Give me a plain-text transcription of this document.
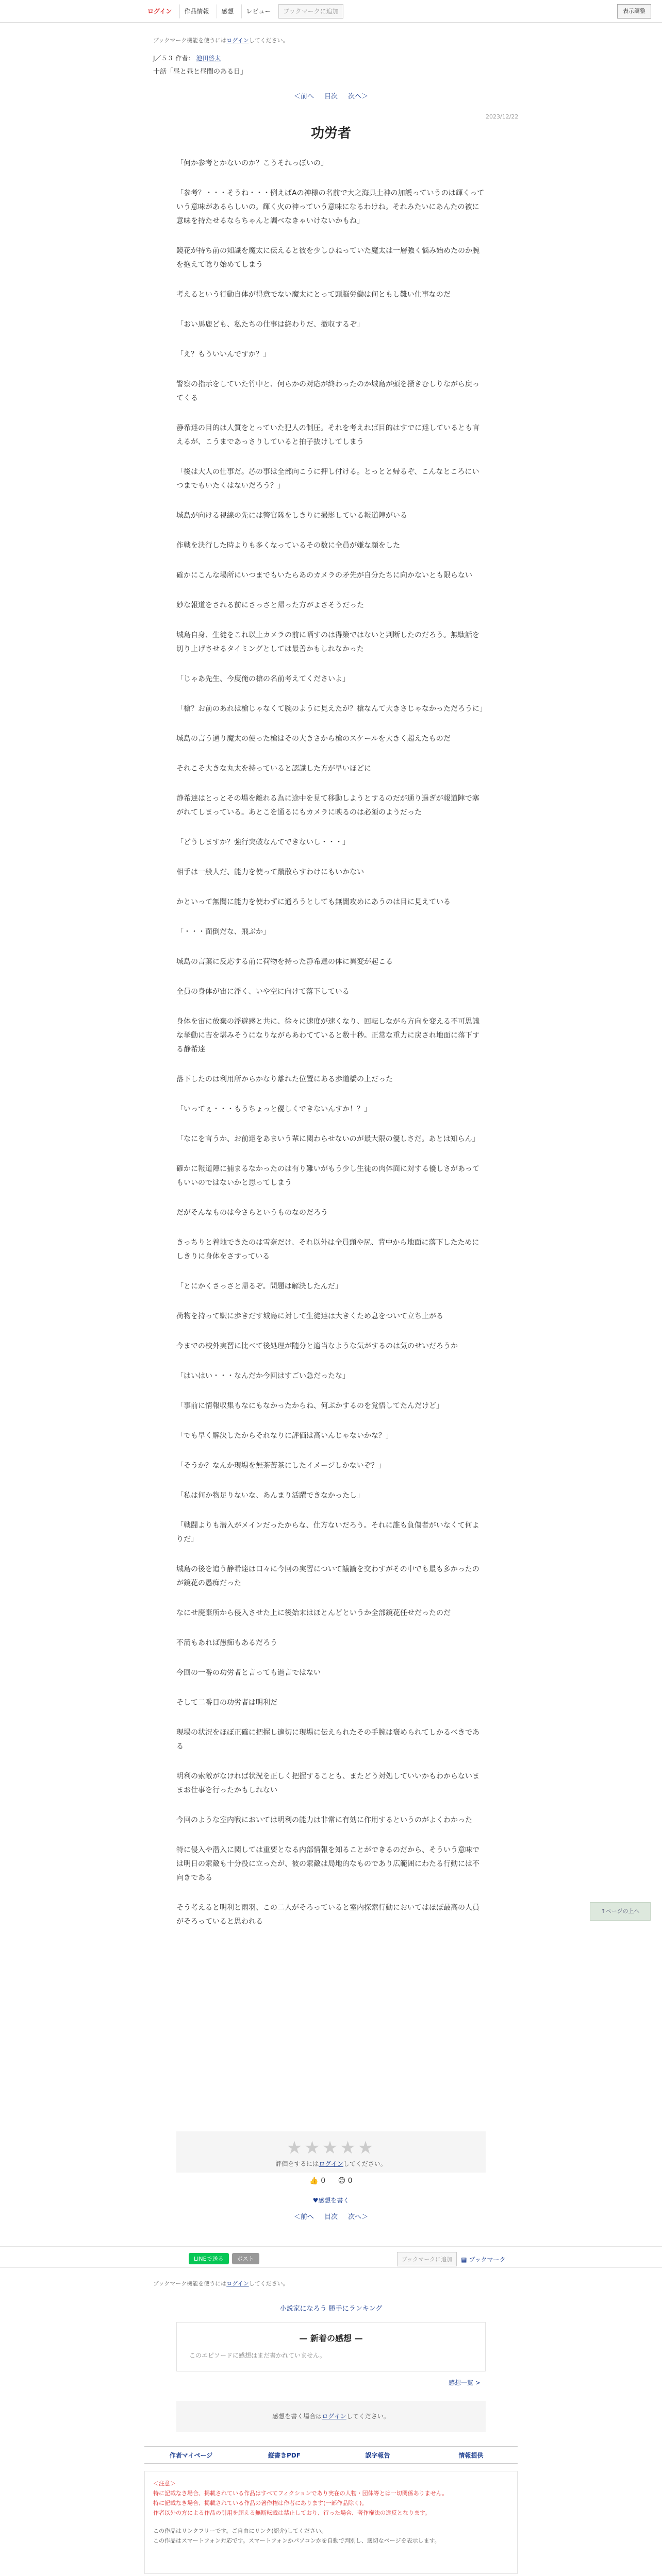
ログイン	作品情報	感想	レビュー	ブックマークに追加	表示調整
ブックマーク機能を使うにはログインしてください。
J／５３ 作者： 池田啓太
十話「昼と昼と昼間のある日」
＜前へ 目次 次へ＞
2023/12/22
功労者

「何か参考とかないのか？こうそれっぽいの」

「参考？・・・そうね・・・例えばAの神様の名前で大之海具土神の加護っていうのは輝くっていう意味があるらしいの。輝く火の神っていう意味になるわけね。それみたいにあんたの被に意味を持たせるならちゃんと調べなきゃいけないかもね」

鏡花が持ち前の知識を魔太に伝えると彼を少しひねっていた魔太は一層強く悩み始めたのか腕を抱えて唸り始めてしまう

考えるという行動自体が得意でない魔太にとって頭脳労働は何ともし難い仕事なのだ

「おい馬鹿ども、私たちの仕事は終わりだ、撤収するぞ」

「え？もういいんですか？」

警察の指示をしていた竹中と、何らかの対応が終わったのか城島が頭を掻きむしりながら戻ってくる

静希達の目的は人質をとっていた犯人の制圧。それを考えれば目的はすでに達しているとも言えるが、こうまであっさりしていると拍子抜けしてしまう

「後は大人の仕事だ。芯の事は全部向こうに押し付ける。とっとと帰るぞ、こんなところにいつまでもいたくはないだろう？」

城島が向ける視線の先には警官隊をしきりに撮影している報道陣がいる

作戦を決行した時よりも多くなっているその数に全員が嫌な顔をした

確かにこんな場所にいつまでもいたらあのカメラの矛先が自分たちに向かないとも限らない

妙な報道をされる前にさっさと帰った方がよさそうだった

城島自身、生徒をこれ以上カメラの前に晒すのは得策ではないと判断したのだろう。無駄話を切り上げさせるタイミングとしては最善かもしれなかった

「じゃあ先生、今度俺の槍の名前考えてくださいよ」

「槍？お前のあれは槍じゃなくて腕のように見えたが？槍なんて大きさじゃなかっただろうに」

城島の言う通り魔太の使った槍はその大きさから槍のスケールを大きく超えたものだ

それこそ大きな丸太を持っていると認識した方が早いほどに

静希達はとっとその場を離れる為に途中を見て移動しようとするのだが通り過ぎが報道陣で塞がれてしまっている。あとこを通るにもカメラに映るのは必須のようだった

「どうしますか？強行突破なんてできないし・・・」

相手は一般人だ、能力を使って蹴散らすわけにもいかない

かといって無闇に能力を使わずに通ろうとしても無闇攻めにあうのは目に見えている

「・・・面倒だな、飛ぶか」

城島の言葉に反応する前に荷物を持った静希達の体に異変が起こる

全員の身体が宙に浮く、いや空に向けて落下している

身体を宙に放棄の浮遊感と共に、徐々に速度が速くなり、回転しながら方向を変える不可思議な挙動に吉を堪みそうになりながらあわてていると数十秒。正常な重力に戻され地面に落下する静希達

落下したのは利用所からかなり離れた位置にある歩道橋の上だった

「いってぇ・・・もうちょっと優しくできないんすか！？」

「なにを言うか、お前達をあまいう輩に関わらせないのが最大限の優しさだ。あとは知らん」

確かに報道陣に捕まるなかったのは有り難いがもう少し生徒の肉体面に対する優しさがあってもいいのではないかと思ってしまう

だがそんなものは今さらというものなのだろう

きっちりと着地できたのは雪奈だけ、それ以外は全員頭や尻、背中から地面に落下したためにしきりに身体をさすっている

「とにかくさっさと帰るぞ。問題は解決したんだ」

荷物を持って駅に歩きだす城島に対して生徒達は大きくため息をついて立ち上がる

今までの校外実習に比べて後処理が随分と適当なような気がするのは気のせいだろうか

「はいはい・・・なんだか今回はすごい急だったな」

「事前に情報収集もなにもなかったからね、何ぶかするのを覚悟してたんだけど」

「でも早く解決したからそれなりに評価は高いんじゃないかな？」

「そうか？なんか現場を無茶苦茶にしたイメージしかないぞ？」

「私は何か物足りないな、あんまり活躍できなかったし」

「戦闘よりも潜入がメインだったからな、仕方ないだろう。それに誰も負傷者がいなくて何よりだ」

城島の後を追う静希達は口々に今回の実習について議論を交わすがその中でも最も多かったのが鏡花の愚痴だった

なにせ廃棄所から侵入させた上に後始末はほとんどというか全部鏡花任せだったのだ

不満もあれば愚痴もあるだろう

今回の一番の功労者と言っても過言ではない

そして二番目の功労者は明利だ

現場の状況をほぼ正確に把握し適切に現場に伝えられたその手腕は褒められてしかるべきである

明利の索敵がなければ状況を正しく把握することも、またどう対処していいかもわからないままお仕事を行ったかもしれない

今回のような室内戦においては明利の能力は非常に有効に作用するというのがよくわかった

特に侵入や潜入に関しては重要となる内部情報を知ることができるのだから、そういう意味では明日の索敵も十分役に立ったが、彼の索敵は局地的なものであり広範囲にわたる行動には不向きである

そう考えると明利と雨羽、この二人がそろっていると室内探索行動においてはほぼ最高の人員がそろっていると思われる

★★★★★
評価をするにはログインしてください。
👍 0 😊 0
♥感想を書く
＜前へ 目次 次へ＞
LINEで送る	ポスト	ブックマークに追加	▦ ブックマーク
ブックマーク機能を使うにはログインしてください。
小説家になろう 勝手にランキング
— 新着の感想 —
このエピソードに感想はまだ書かれていません。
感想一覧 >
感想を書く場合はログインしてください。
作者マイページ	縦書きPDF	誤字報告	情報提供
＜注意＞
特に記載なき場合、掲載されている作品はすべてフィクションであり実在の人物・団体等とは一切関係ありません。
特に記載なき場合、掲載されている作品の著作権は作者にあります(一部作品除く)。
作者以外の方による作品の引用を超える無断転載は禁止しており、行った場合、著作権法の違反となります。
この作品はリンクフリーです。ご自由にリンク(紹介)してください。
この作品はスマートフォン対応です。スマートフォンかパソコンかを自動で判別し、適切なページを表示します。
↑ページの上へ
